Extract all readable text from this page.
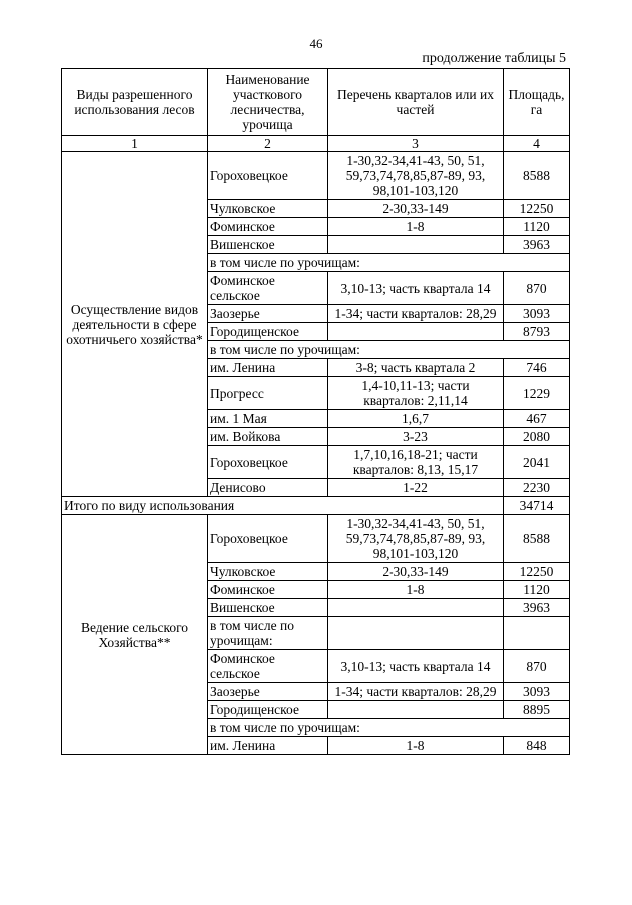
46
продолжение таблицы 5
Виды разрешенного использования лесов	Наименование участкового лесничества, урочища	Перечень кварталов или их частей	Площадь, га
1	2	3	4
Осуществление видов деятельности в сфере охотничьего хозяйства*	Гороховецкое	1-30,32-34,41-43, 50, 51, 59,73,74,78,85,87-89, 93, 98,101-103,120	8588
	Чулковское	2-30,33-149	12250
	Фоминское	1-8	1120
	Вишенское		3963
	в том числе по урочищам:		
	Фоминское сельское	3,10-13; часть квартала 14	870
	Заозерье	1-34; части кварталов: 28,29	3093
	Городищенское		8793
	в том числе по урочищам:		
	им. Ленина	3-8; часть квартала 2	746
	Прогресс	1,4-10,11-13; части кварталов: 2,11,14	1229
	им. 1 Мая	1,6,7	467
	им. Войкова	3-23	2080
	Гороховецкое	1,7,10,16,18-21; части кварталов: 8,13, 15,17	2041
	Денисово	1-22	2230
Итого по виду использования			34714
Ведение сельского Хозяйства**	Гороховецкое	1-30,32-34,41-43, 50, 51, 59,73,74,78,85,87-89, 93, 98,101-103,120	8588
	Чулковское	2-30,33-149	12250
	Фоминское	1-8	1120
	Вишенское		3963
	в том числе по урочищам:		
	Фоминское сельское	3,10-13; часть квартала 14	870
	Заозерье	1-34; части кварталов: 28,29	3093
	Городищенское		8895
	в том числе по урочищам:		
	им. Ленина	1-8	848
